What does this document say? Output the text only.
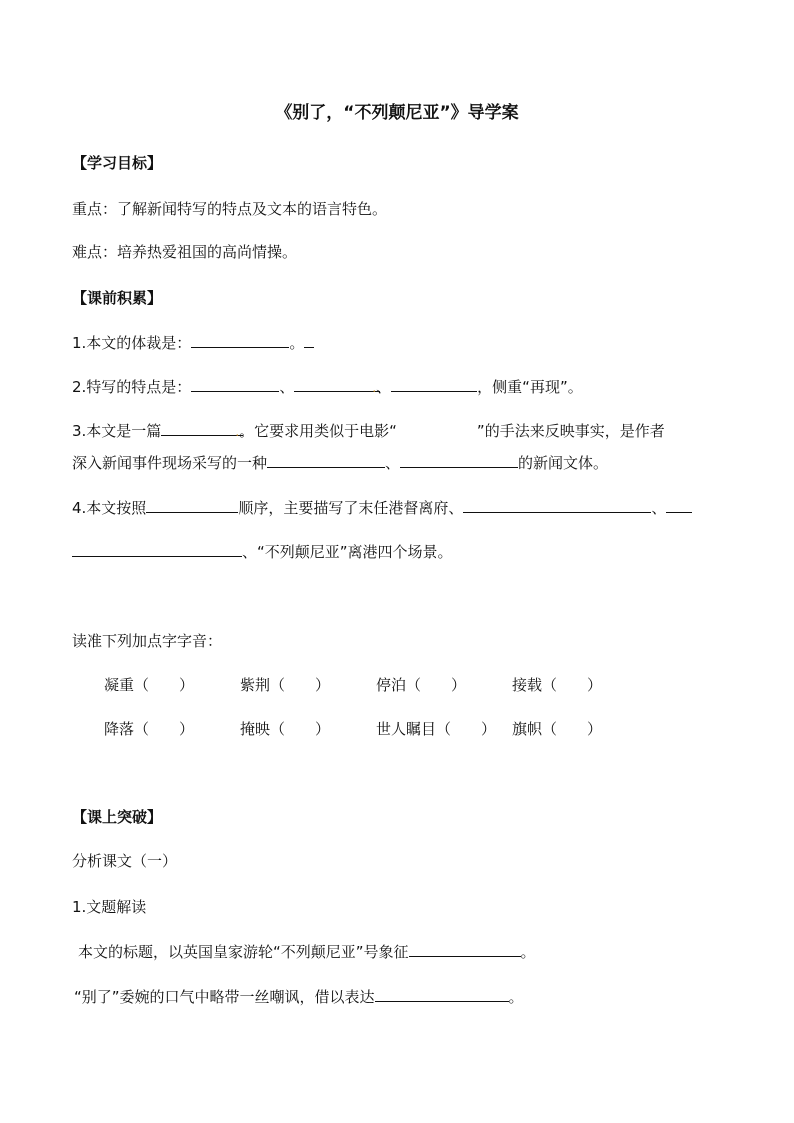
《别了，“不列颠尼亚”》导学案
【学习目标】
重点：了解新闻特写的特点及文本的语言特色。
难点：培养热爱祖国的高尚情操。
【课前积累】
1.本文的体裁是：	。
2.特写的特点是：	、	.、	，侧重“再现”。
3.本文是一篇	.。它要求用类似于电影“	”的手法来反映事实，是作者
深入新闻事件现场采写的一种	、	的新闻文体。
4.本文按照	顺序，主要描写了末任港督离府、	、
、“不列颠尼亚”离港四个场景。
读准下列加点字字音：
凝重（　　）	紫荆（　　）	停泊（　　）	接载（　　）
降落（　　）	掩映（　　）	世人瞩目（　　） 旗帜（　　）
【课上突破】
分析课文（一）
1.文题解读
本文的标题，以英国皇家游轮“不列颠尼亚”号象征	。
“别了”委婉的口气中略带一丝嘲讽，借以表达	。
